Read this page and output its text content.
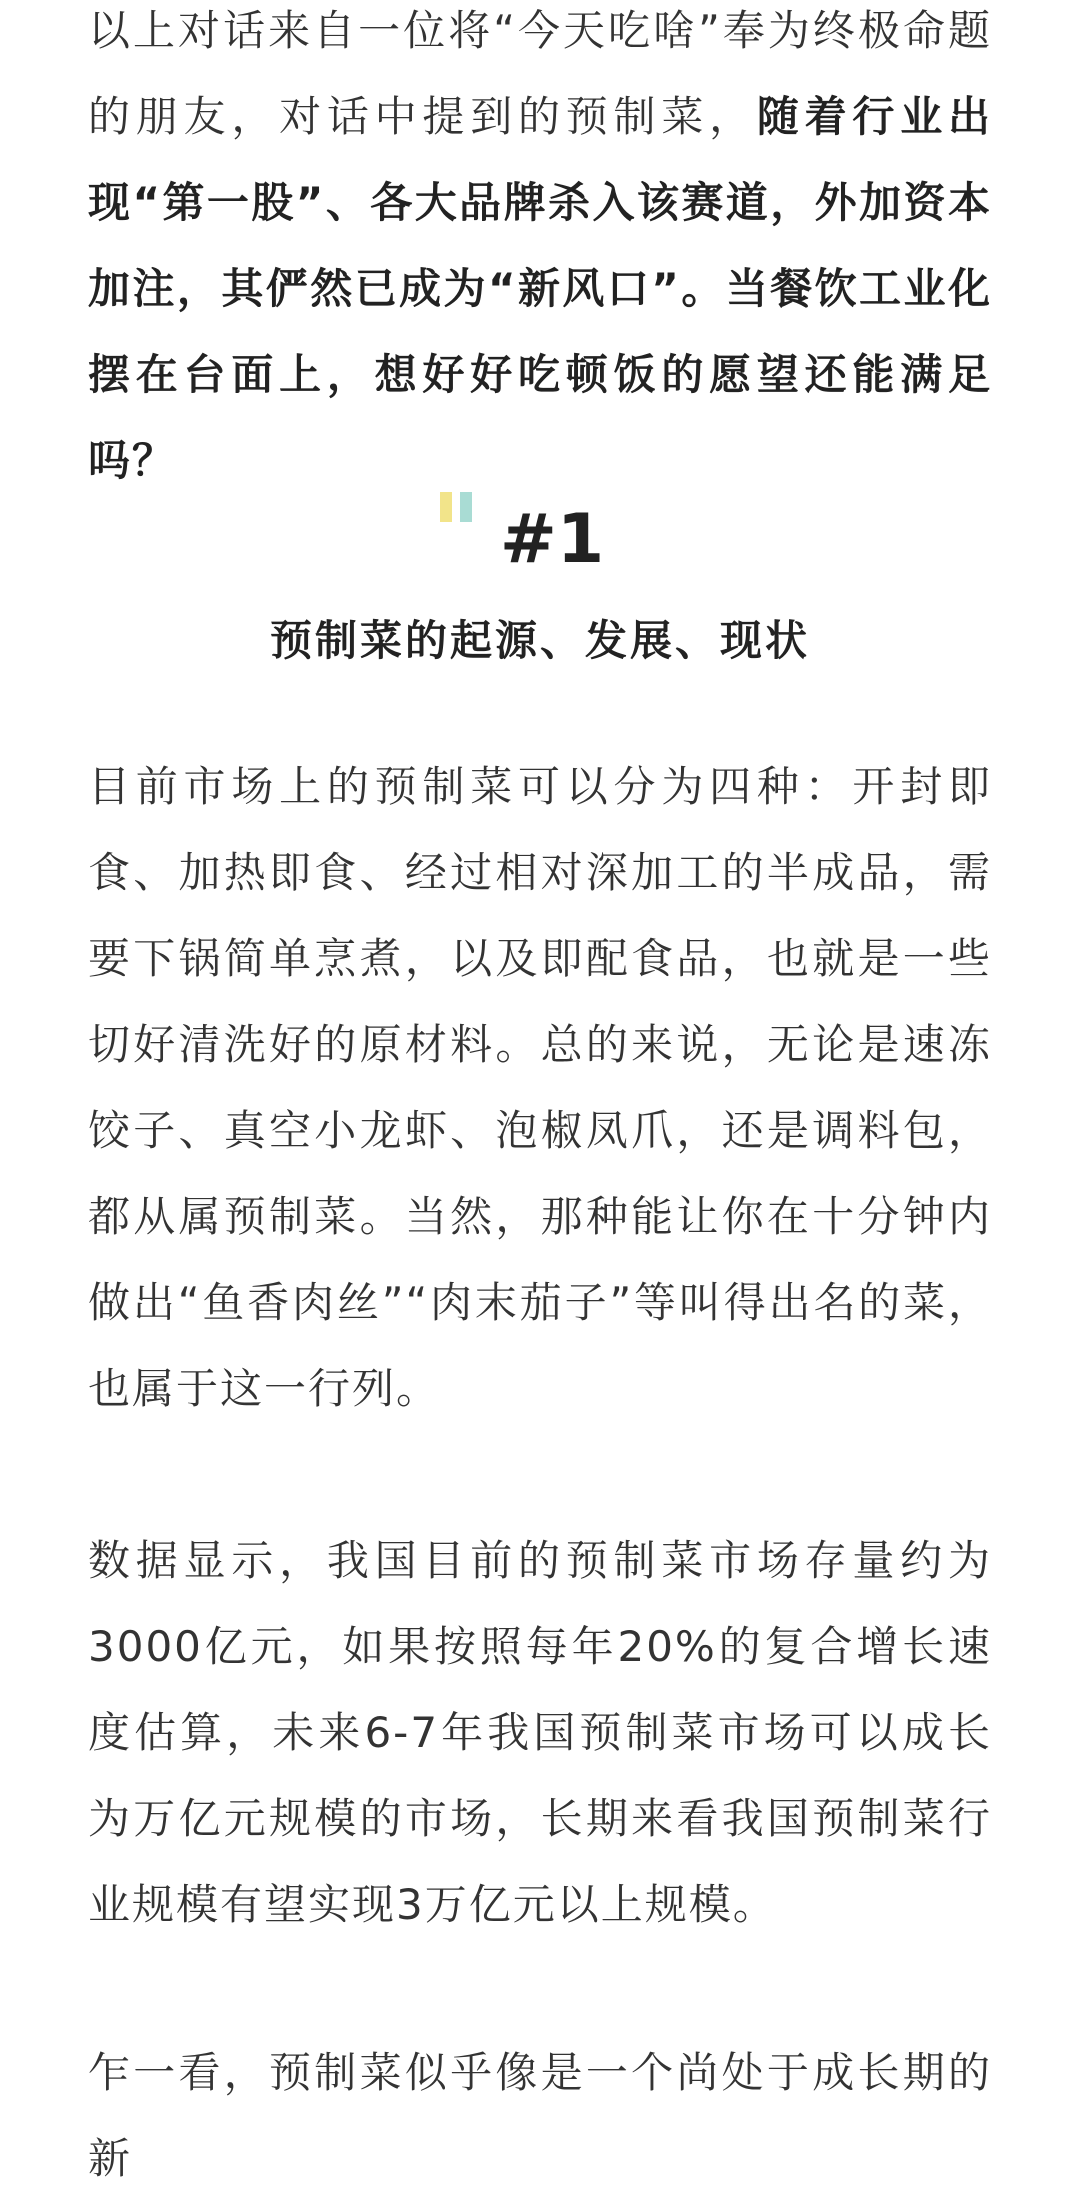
以上对话来自一位将“今天吃啥”奉为终极命题的朋友，对话中提到的预制菜，随着行业出现“第一股”、各大品牌杀入该赛道，外加资本加注，其俨然已成为“新风口”。当餐饮工业化摆在台面上，想好好吃顿饭的愿望还能满足吗？

#1
预制菜的起源、发展、现状

目前市场上的预制菜可以分为四种：开封即食、加热即食、经过相对深加工的半成品，需要下锅简单烹煮，以及即配食品，也就是一些切好清洗好的原材料。总的来说，无论是速冻饺子、真空小龙虾、泡椒凤爪，还是调料包，都从属预制菜。当然，那种能让你在十分钟内做出“鱼香肉丝”“肉末茄子”等叫得出名的菜，也属于这一行列。

数据显示，我国目前的预制菜市场存量约为3000亿元，如果按照每年20%的复合增长速度估算，未来6-7年我国预制菜市场可以成长为万亿元规模的市场，长期来看我国预制菜行业规模有望实现3万亿元以上规模。

乍一看，预制菜似乎像是一个尚处于成长期的新
